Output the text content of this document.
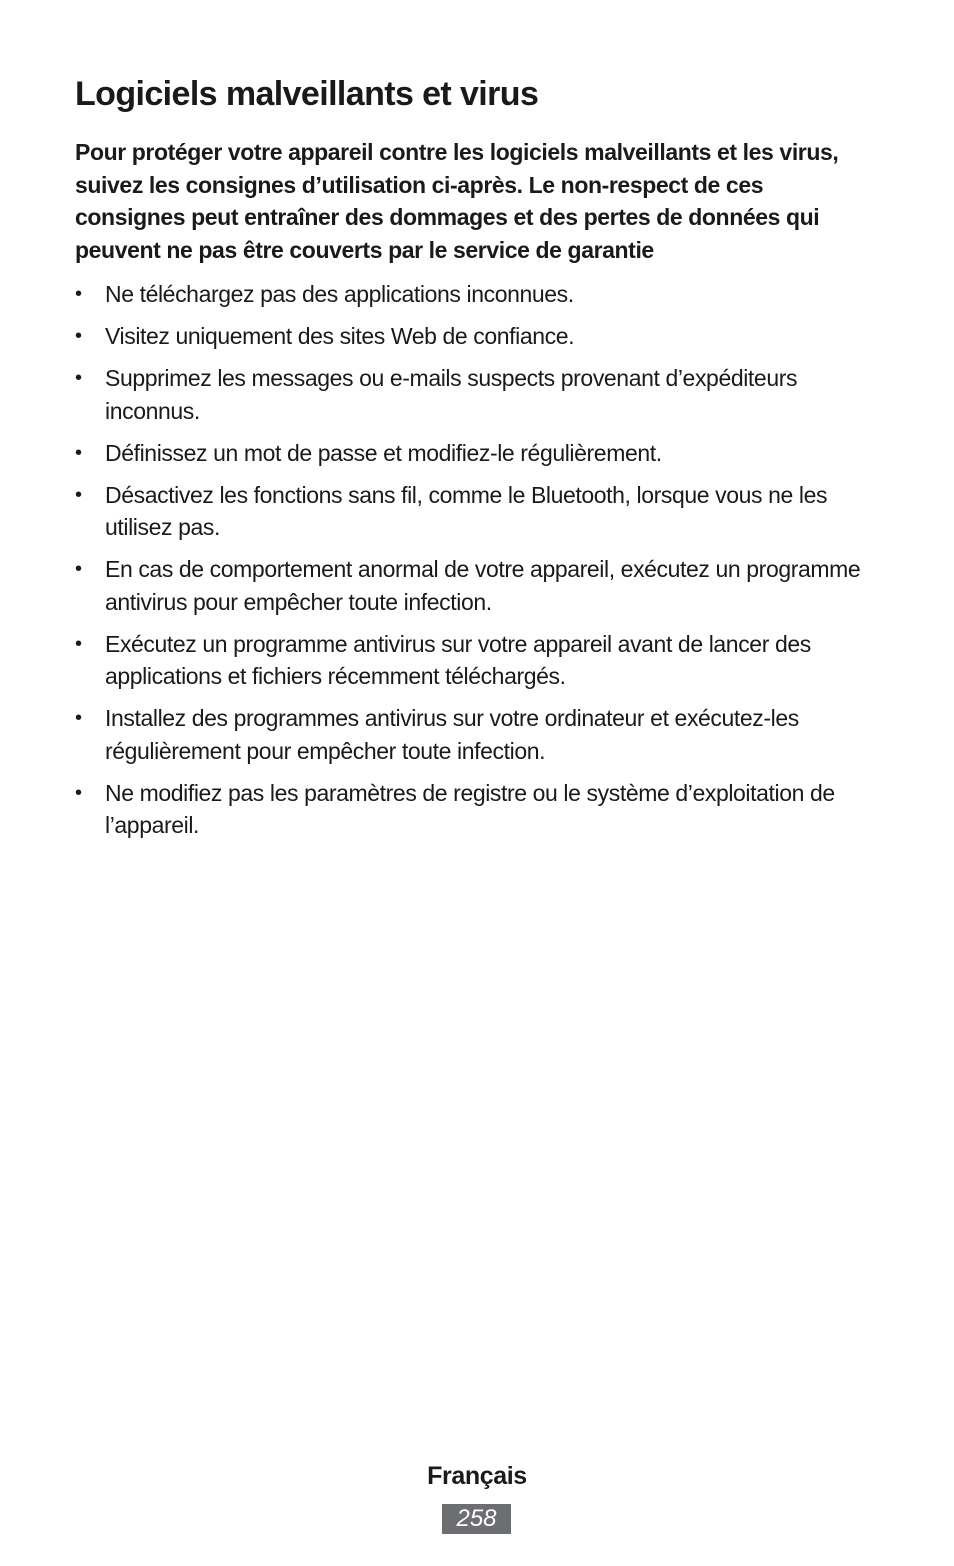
Logiciels malveillants et virus

Pour protéger votre appareil contre les logiciels malveillants et les virus, suivez les consignes d’utilisation ci-après. Le non-respect de ces consignes peut entraîner des dommages et des pertes de données qui peuvent ne pas être couverts par le service de garantie

•	Ne téléchargez pas des applications inconnues.
•	Visitez uniquement des sites Web de confiance.
•	Supprimez les messages ou e-mails suspects provenant d’expéditeurs inconnus.
•	Définissez un mot de passe et modifiez-le régulièrement.
•	Désactivez les fonctions sans fil, comme le Bluetooth, lorsque vous ne les utilisez pas.
•	En cas de comportement anormal de votre appareil, exécutez un programme antivirus pour empêcher toute infection.
•	Exécutez un programme antivirus sur votre appareil avant de lancer des applications et fichiers récemment téléchargés.
•	Installez des programmes antivirus sur votre ordinateur et exécutez-les régulièrement pour empêcher toute infection.
•	Ne modifiez pas les paramètres de registre ou le système d’exploitation de l’appareil.
Français
258
